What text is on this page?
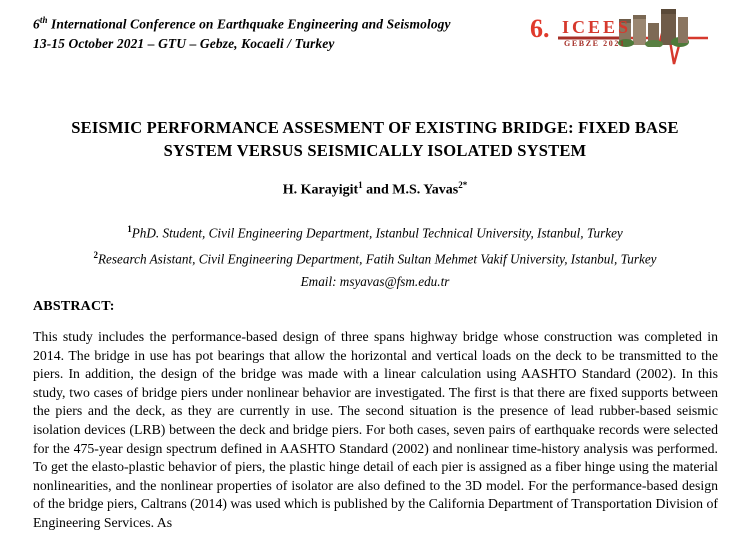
6th International Conference on Earthquake Engineering and Seismology
13-15 October 2021 – GTU – Gebze, Kocaeli / Turkey	6. ICEES
GEBZE 2021
SEISMIC PERFORMANCE ASSESMENT OF EXISTING BRIDGE: FIXED BASE SYSTEM VERSUS SEISMICALLY ISOLATED SYSTEM
H. Karayigit$^1$ and M.S. Yavas$^{2*}$
$^1$PhD. Student, Civil Engineering Department, Istanbul Technical University, Istanbul, Turkey
$^2$Research Asistant, Civil Engineering Department, Fatih Sultan Mehmet Vakif University, Istanbul, Turkey
Email: msyavas@fsm.edu.tr
ABSTRACT:

This study includes the performance-based design of three spans highway bridge whose construction was completed in 2014. The bridge in use has pot bearings that allow the horizontal and vertical loads on the deck to be transmitted to the piers. In addition, the design of the bridge was made with a linear calculation using AASHTO Standard (2002). In this study, two cases of bridge piers under nonlinear behavior are investigated. The first is that there are fixed supports between the piers and the deck, as they are currently in use. The second situation is the presence of lead rubber-based seismic isolation devices (LRB) between the deck and bridge piers. For both cases, seven pairs of earthquake records were selected for the 475-year design spectrum defined in AASHTO Standard (2002) and nonlinear time-history analysis was performed. To get the elasto-plastic behavior of piers, the plastic hinge detail of each pier is assigned as a fiber hinge using the material nonlinearities, and the nonlinear properties of isolator are also defined to the 3D model. For the performance-based design of the bridge piers, Caltrans (2014) was used which is published by the California Department of Transportation Division of Engineering Services. As
